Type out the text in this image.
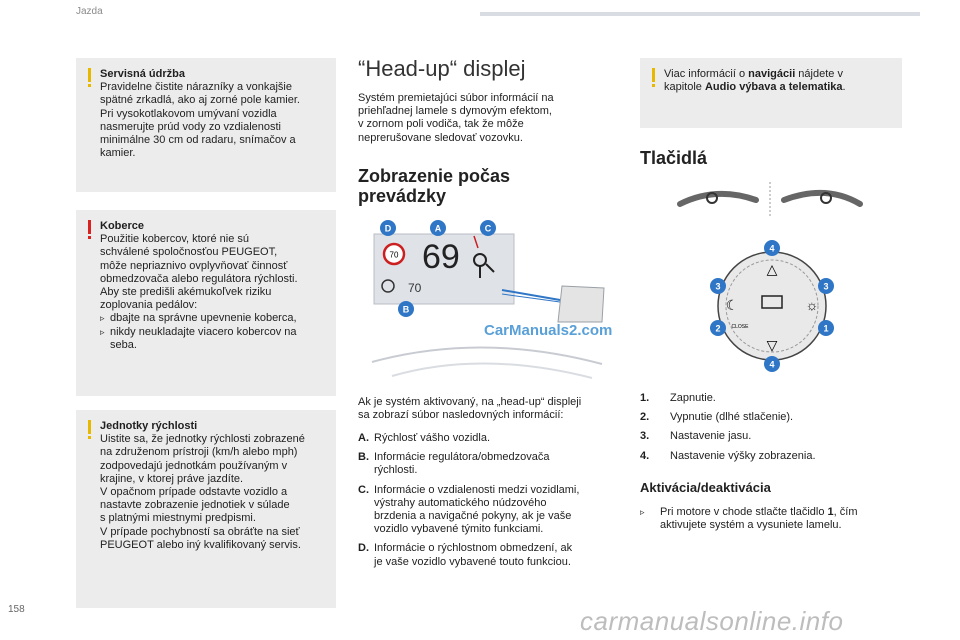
Jazda
Servisná údržba
Pravidelne čistite nárazníky a vonkajšie
spätné zrkadlá, ako aj zorné pole kamier.
Pri vysokotlakovom umývaní vozidla
nasmerujte prúd vody zo vzdialenosti
minimálne 30 cm od radaru, snímačov a
kamier.
Koberce
Použitie kobercov, ktoré nie sú
schválené spoločnosťou PEUGEOT,
môže nepriaznivo ovplyvňovať činnosť
obmedzovača alebo regulátora rýchlosti.
Aby ste predišli akémukoľvek riziku
zoplovania pedálov:
▹ dbajte na správne upevnenie koberca,
▹ nikdy neukladajte viacero kobercov na
seba.
Jednotky rýchlosti
Uistite sa, že jednotky rýchlosti zobrazené
na združenom prístroji (km/h alebo mph)
zodpovedajú jednotkám používaným v
krajine, v ktorej práve jazdíte.
V opačnom prípade odstavte vozidlo a
nastavte zobrazenie jednotiek v súlade
s platnými miestnymi predpismi.
V prípade pochybností sa obráťte na sieť
PEUGEOT alebo iný kvalifikovaný servis.
“Head-up“ displej
Systém premietajúci súbor informácií na
priehľadnej lamele s dymovým efektom,
v zornom poli vodiča, tak že môže
neprerušovane sledovať vozovku.
Zobrazenie počas
prevádzky
70 69
70
D	A	C
B
CarManuals2.com
Ak je systém aktivovaný, na „head-up“ displeji
sa zobrazí súbor nasledovných informácií:
A. Rýchlosť vášho vozidla.
B. Informácie regulátora/obmedzovača
rýchlosti.
C. Informácie o vzdialenosti medzi vozidlami,
výstrahy automatického núdzového
brzdenia a navigačné pokyny, ak je vaše
vozidlo vybavené týmito funkciami.
D. Informácie o rýchlostnom obmedzení, ak
je vaše vozidlo vybavené touto funkciou.
Viac informácií o navigácii nájdete v
kapitole Audio výbava a telematika.
Tlačidlá
△
▽
☾	☼
CLOSE
4
3	3
2	1
4
1.	Zapnutie.
2.	Vypnutie (dlhé stlačenie).
3.	Nastavenie jasu.
4.	Nastavenie výšky zobrazenia.
Aktivácia/deaktivácia
▹	Pri motore v chode stlačte tlačidlo 1, čím
aktivujete systém a vysuniete lamelu.
158	carmanualsonline.info
